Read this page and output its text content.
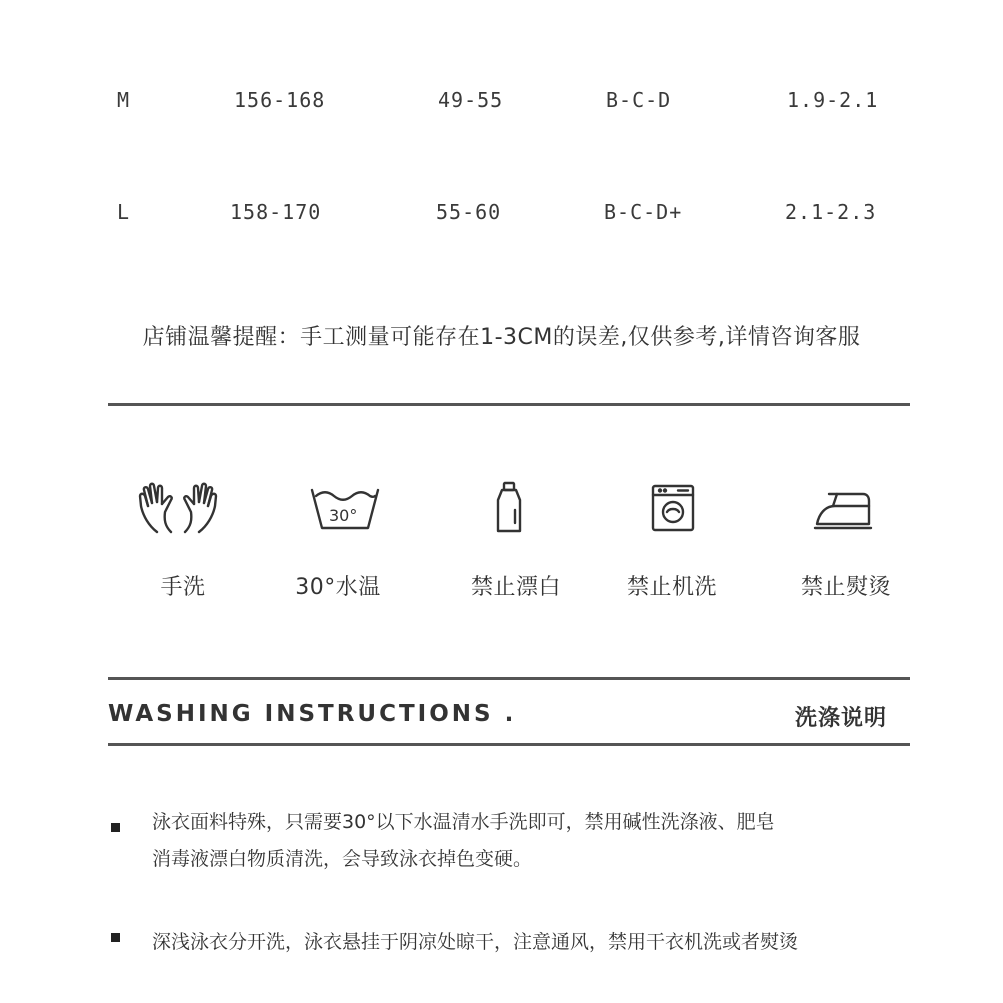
M	156-168	49-55	B-C-D	1.9-2.1
L	158-170	55-60	B-C-D+	2.1-2.3
店铺温馨提醒：手工测量可能存在1-3CM的误差,仅供参考,详情咨询客服
手洗
30°
30°水温	禁止漂白	禁止机洗	禁止熨烫
WASHING INSTRUCTIONS .	洗涤说明
泳衣面料特殊，只需要30°以下水温清水手洗即可，禁用碱性洗涤液、肥皂
消毒液漂白物质清洗，会导致泳衣掉色变硬。
深浅泳衣分开洗，泳衣悬挂于阴凉处晾干，注意通风，禁用干衣机洗或者熨烫
